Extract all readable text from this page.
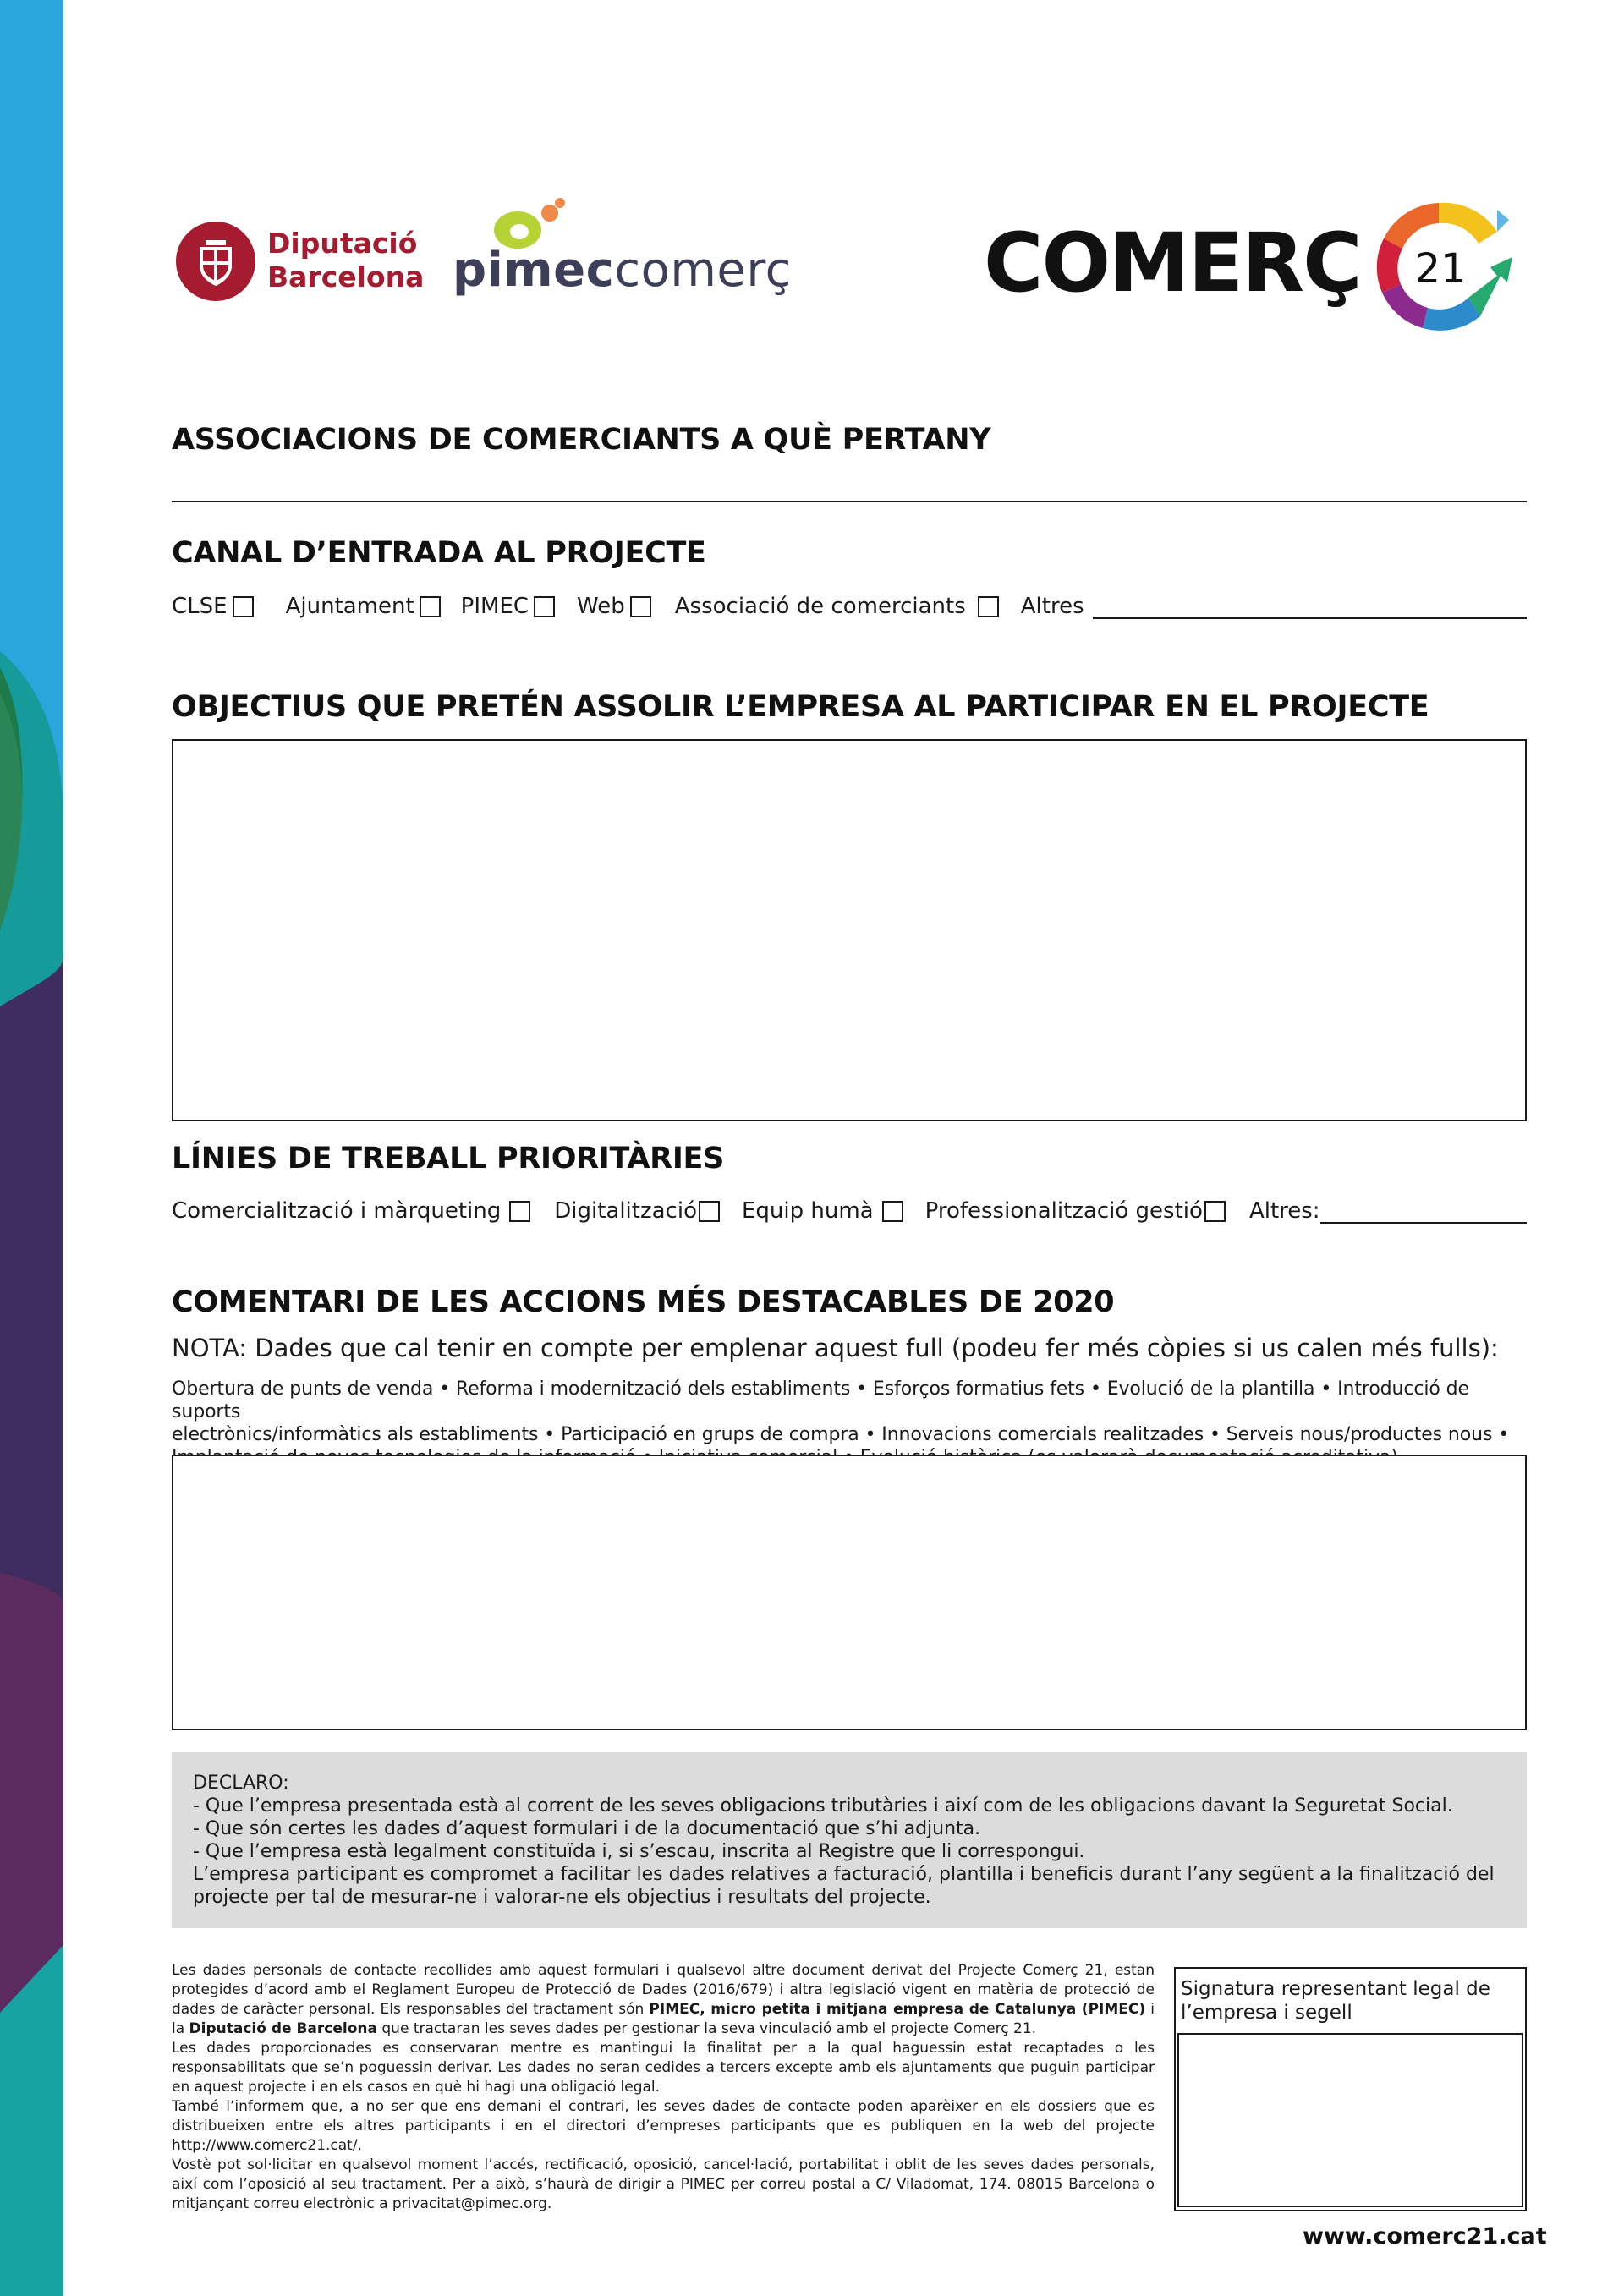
Diputació
Barcelona pimeccomerç COMERÇ 21
ASSOCIACIONS DE COMERCIANTS A QUÈ PERTANY
CANAL D’ENTRADA AL PROJECTE
CLSE	Ajuntament PIMEC Web Associació de comerciants	Altres
OBJECTIUS QUE PRETÉN ASSOLIR L’EMPRESA AL PARTICIPAR EN EL PROJECTE
LÍNIES DE TREBALL PRIORITÀRIES
Comercialització i màrqueting Digitalització Equip humà Professionalització gestió Altres:
COMENTARI DE LES ACCIONS MÉS DESTACABLES DE 2020
NOTA: Dades que cal tenir en compte per emplenar aquest full (podeu fer més còpies si us calen més fulls):
Obertura de punts de venda • Reforma i modernització dels establiments • Esforços formatius fets • Evolució de la plantilla • Introducció de suports
electrònics/informàtics als establiments • Participació en grups de compra • Innovacions comercials realitzades • Serveis nous/productes nous •
DECLARO:
- Que l’empresa presentada està al corrent de les seves obligacions tributàries i així com de les obligacions davant la Seguretat Social.
- Que són certes les dades d’aquest formulari i de la documentació que s’hi adjunta.
- Que l’empresa està legalment constituïda i, si s’escau, inscrita al Registre que li correspongui.
L’empresa participant es compromet a facilitar les dades relatives a facturació, plantilla i beneficis durant l’any següent a la finalització del
projecte per tal de mesurar-ne i valorar-ne els objectius i resultats del projecte.

Les dades personals de contacte recollides amb aquest formulari i qualsevol altre document derivat del Projecte Comerç 21, estan protegides d’acord amb el Reglament Europeu de Protecció de Dades (2016/679) i altra legislació vigent en matèria de protecció de dades de caràcter personal. Els responsables del tractament són PIMEC, micro petita i mitjana empresa de Catalunya (PIMEC) i la Diputació de Barcelona que tractaran les seves dades per gestionar la seva vinculació amb el projecte Comerç 21.

Les dades proporcionades es conservaran mentre es mantingui la finalitat per a la qual haguessin estat recaptades o les responsabilitats que se’n poguessin derivar. Les dades no seran cedides a tercers excepte amb els ajuntaments que puguin participar en aquest projecte i en els casos en què hi hagi una obligació legal.

També l’informem que, a no ser que ens demani el contrari, les seves dades de contacte poden aparèixer en els dossiers que es distribueixen entre els altres participants i en el directori d’empreses participants que es publiquen en la web del projecte http://www.comerc21.cat/.

Vostè pot sol·licitar en qualsevol moment l’accés, rectificació, oposició, cancel·lació, portabilitat i oblit de les seves dades personals, així com l’oposició al seu tractament. Per a això, s’haurà de dirigir a PIMEC per correu postal a C/ Viladomat, 174. 08015 Barcelona o mitjançant correu electrònic a privacitat@pimec.org.

Signatura representant legal de l’empresa i segell
www.comerc21.cat
